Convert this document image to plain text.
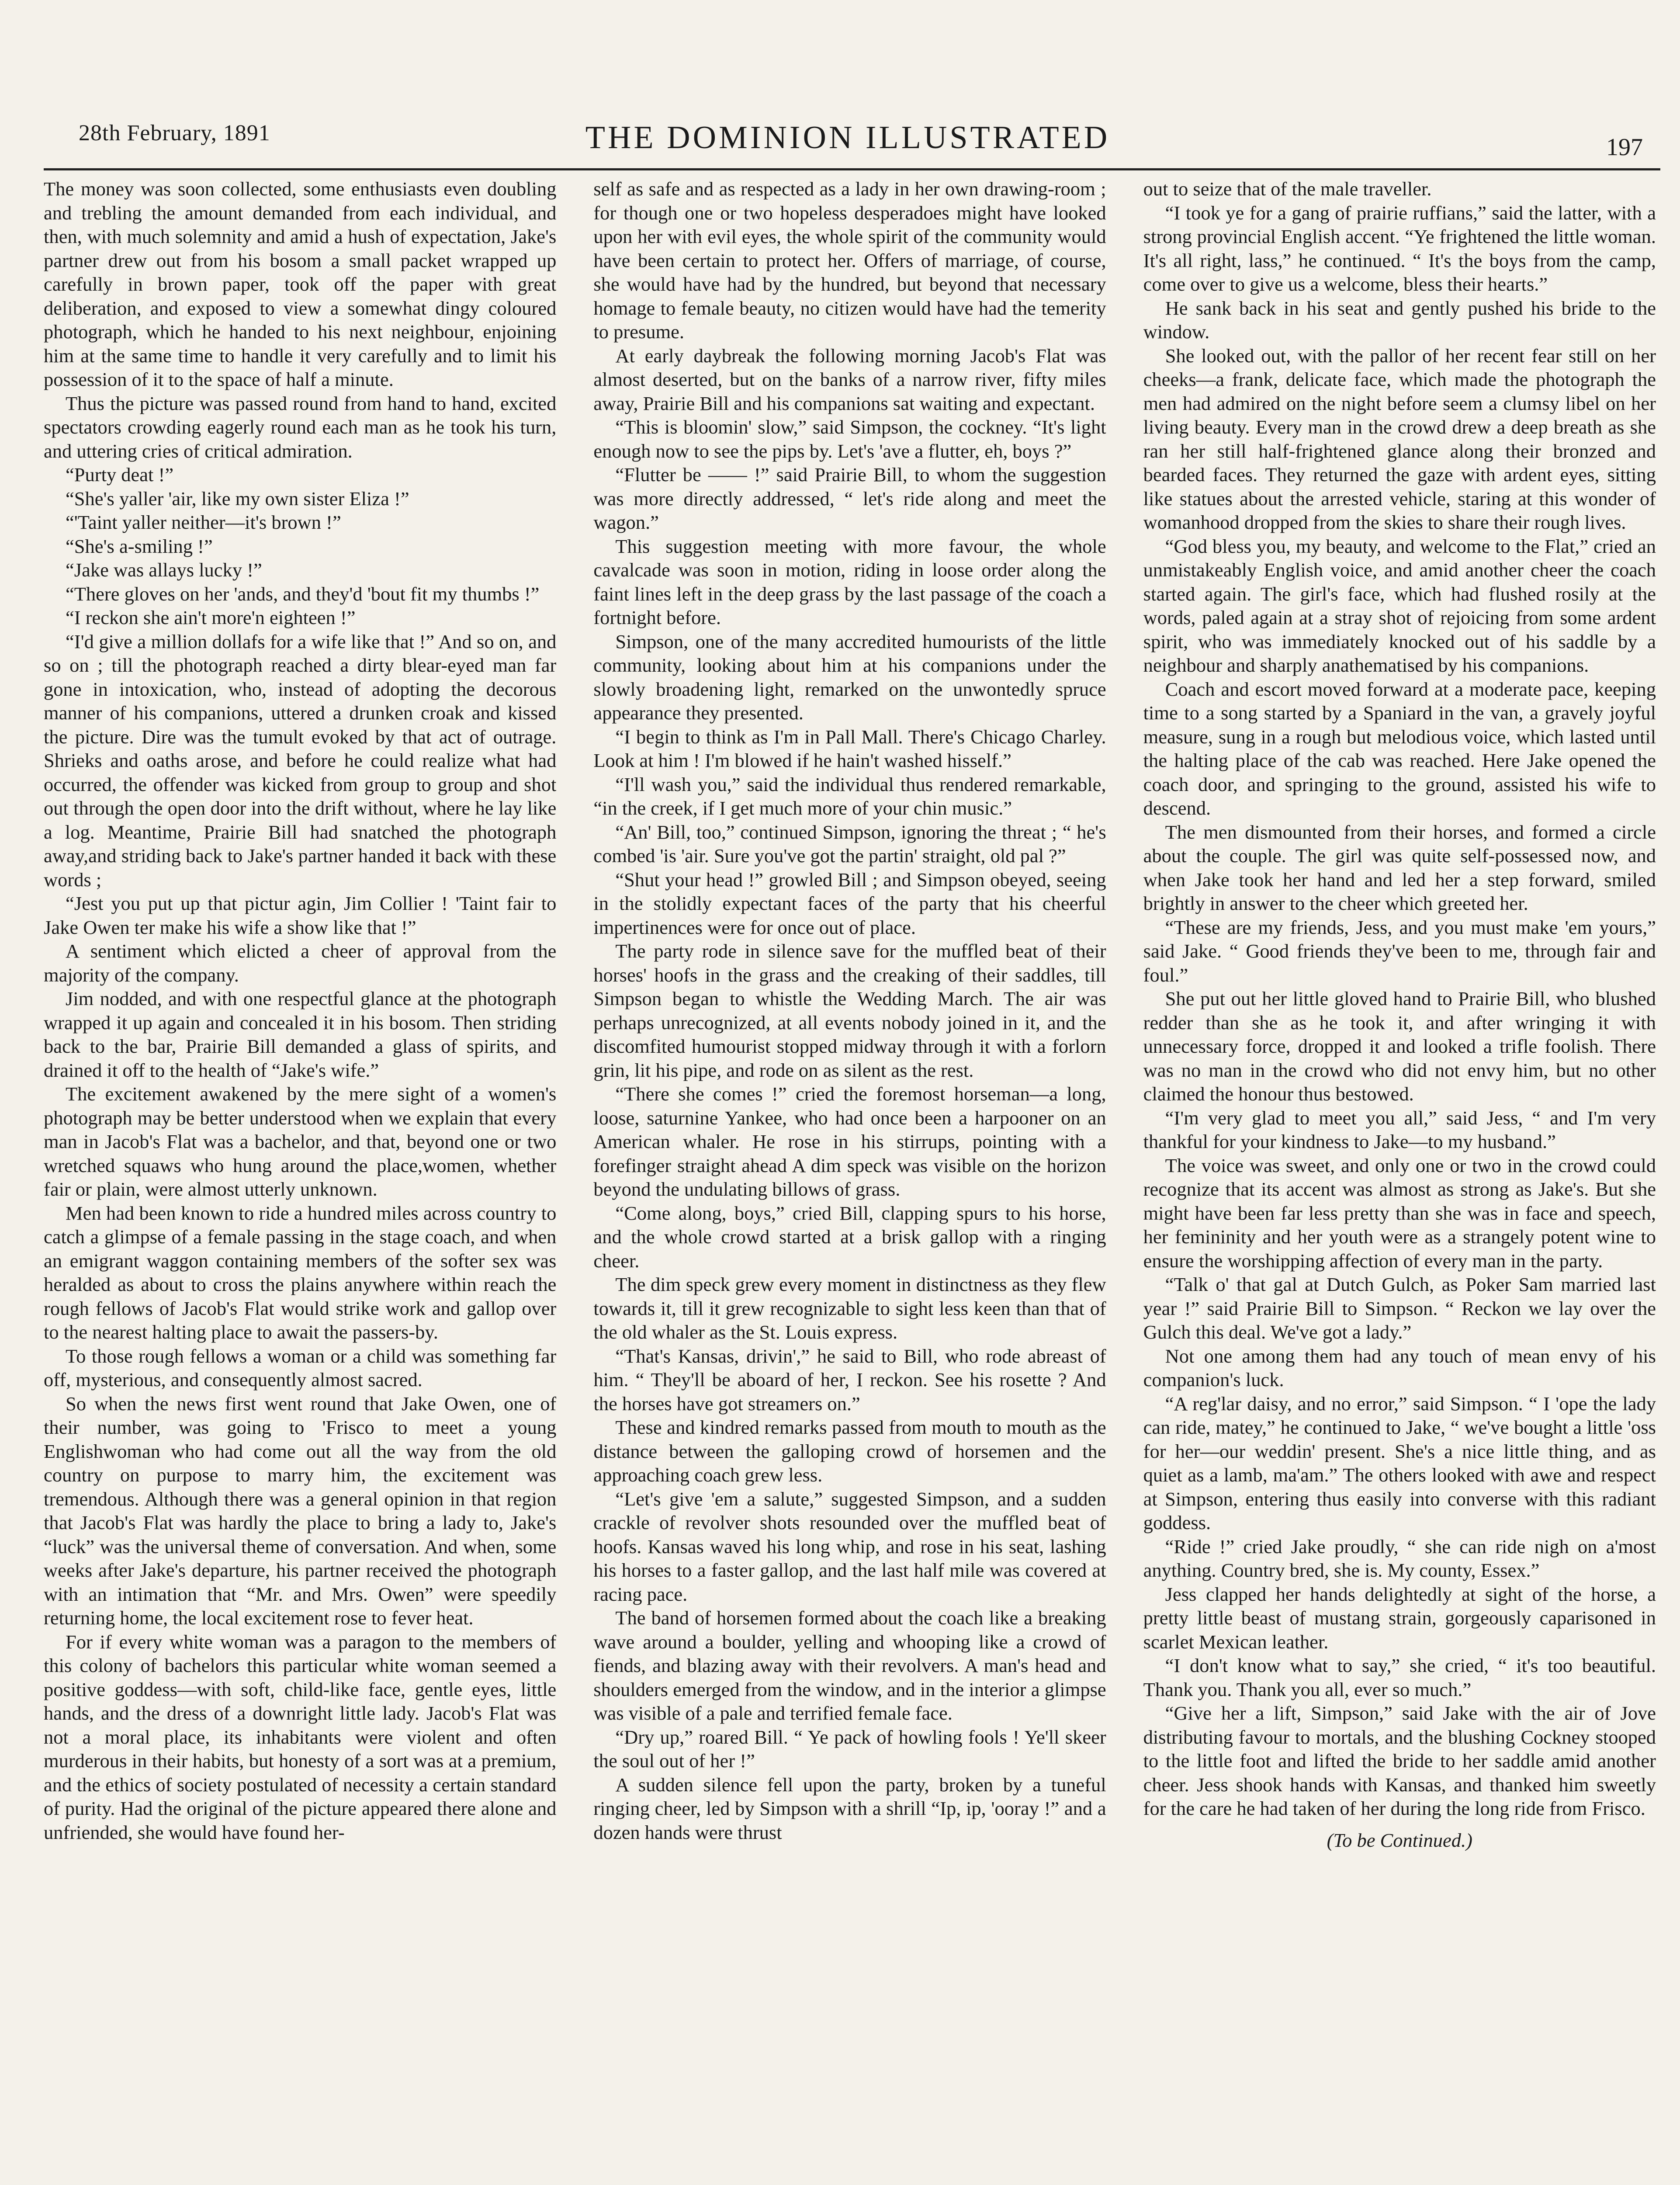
28th February, 1891	THE DOMINION ILLUSTRATED	197

The money was soon collected, some enthusiasts even doubling and trebling the amount demanded from each individual, and then, with much solemnity and amid a hush of expectation, Jake's partner drew out from his bosom a small packet wrapped up carefully in brown paper, took off the paper with great deliberation, and exposed to view a somewhat dingy coloured photograph, which he handed to his next neighbour, enjoining him at the same time to handle it very carefully and to limit his possession of it to the space of half a minute.

Thus the picture was passed round from hand to hand, excited spectators crowding eagerly round each man as he took his turn, and uttering cries of critical admiration.

“Purty deat !”

“She's yaller 'air, like my own sister Eliza !”

“'Taint yaller neither—it's brown !”

“She's a-smiling !”

“Jake was allays lucky !”

“There gloves on her 'ands, and they'd 'bout fit my thumbs !”

“I reckon she ain't more'n eighteen !”

“I'd give a million dollafs for a wife like that !” And so on, and so on ; till the photograph reached a dirty blear-eyed man far gone in intoxication, who, instead of adopting the decorous manner of his companions, uttered a drunken croak and kissed the picture. Dire was the tumult evoked by that act of outrage. Shrieks and oaths arose, and before he could realize what had occurred, the offender was kicked from group to group and shot out through the open door into the drift without, where he lay like a log. Meantime, Prairie Bill had snatched the photograph away,and striding back to Jake's partner handed it back with these words ;

“Jest you put up that pictur agin, Jim Collier ! 'Taint fair to Jake Owen ter make his wife a show like that !”

A sentiment which elicted a cheer of approval from the majority of the company.

Jim nodded, and with one respectful glance at the photograph wrapped it up again and concealed it in his bosom. Then striding back to the bar, Prairie Bill demanded a glass of spirits, and drained it off to the health of “Jake's wife.”

The excitement awakened by the mere sight of a women's photograph may be better understood when we explain that every man in Jacob's Flat was a bachelor, and that, beyond one or two wretched squaws who hung around the place,women, whether fair or plain, were almost utterly unknown.

Men had been known to ride a hundred miles across country to catch a glimpse of a female passing in the stage coach, and when an emigrant waggon containing members of the softer sex was heralded as about to cross the plains anywhere within reach the rough fellows of Jacob's Flat would strike work and gallop over to the nearest halting place to await the passers-by.

To those rough fellows a woman or a child was something far off, mysterious, and consequently almost sacred.

So when the news first went round that Jake Owen, one of their number, was going to 'Frisco to meet a young Englishwoman who had come out all the way from the old country on purpose to marry him, the excitement was tremendous. Although there was a general opinion in that region that Jacob's Flat was hardly the place to bring a lady to, Jake's “luck” was the universal theme of conversation. And when, some weeks after Jake's departure, his partner received the photograph with an intimation that “Mr. and Mrs. Owen” were speedily returning home, the local excitement rose to fever heat.

For if every white woman was a paragon to the members of this colony of bachelors this particular white woman seemed a positive goddess—with soft, child-like face, gentle eyes, little hands, and the dress of a downright little lady. Jacob's Flat was not a moral place, its inhabitants were violent and often murderous in their habits, but honesty of a sort was at a premium, and the ethics of society postulated of necessity a certain standard of purity. Had the original of the picture appeared there alone and unfriended, she would have found her-

self as safe and as respected as a lady in her own drawing-room ; for though one or two hopeless desperadoes might have looked upon her with evil eyes, the whole spirit of the community would have been certain to protect her. Offers of marriage, of course, she would have had by the hundred, but beyond that necessary homage to female beauty, no citizen would have had the temerity to presume.

At early daybreak the following morning Jacob's Flat was almost deserted, but on the banks of a narrow river, fifty miles away, Prairie Bill and his companions sat waiting and expectant.

“This is bloomin' slow,” said Simpson, the cockney. “It's light enough now to see the pips by. Let's 'ave a flutter, eh, boys ?”

“Flutter be —— !” said Prairie Bill, to whom the suggestion was more directly addressed, “ let's ride along and meet the wagon.”

This suggestion meeting with more favour, the whole cavalcade was soon in motion, riding in loose order along the faint lines left in the deep grass by the last passage of the coach a fortnight before.

Simpson, one of the many accredited humourists of the little community, looking about him at his companions under the slowly broadening light, remarked on the unwontedly spruce appearance they presented.

“I begin to think as I'm in Pall Mall. There's Chicago Charley. Look at him ! I'm blowed if he hain't washed hisself.”

“I'll wash you,” said the individual thus rendered remarkable, “in the creek, if I get much more of your chin music.”

“An' Bill, too,” continued Simpson, ignoring the threat ; “ he's combed 'is 'air. Sure you've got the partin' straight, old pal ?”

“Shut your head !” growled Bill ; and Simpson obeyed, seeing in the stolidly expectant faces of the party that his cheerful impertinences were for once out of place.

The party rode in silence save for the muffled beat of their horses' hoofs in the grass and the creaking of their saddles, till Simpson began to whistle the Wedding March. The air was perhaps unrecognized, at all events nobody joined in it, and the discomfited humourist stopped midway through it with a forlorn grin, lit his pipe, and rode on as silent as the rest.

“There she comes !” cried the foremost horseman—a long, loose, saturnine Yankee, who had once been a harpooner on an American whaler. He rose in his stirrups, pointing with a forefinger straight ahead A dim speck was visible on the horizon beyond the undulating billows of grass.

“Come along, boys,” cried Bill, clapping spurs to his horse, and the whole crowd started at a brisk gallop with a ringing cheer.

The dim speck grew every moment in distinctness as they flew towards it, till it grew recognizable to sight less keen than that of the old whaler as the St. Louis express.

“That's Kansas, drivin',” he said to Bill, who rode abreast of him. “ They'll be aboard of her, I reckon. See his rosette ? And the horses have got streamers on.”

These and kindred remarks passed from mouth to mouth as the distance between the galloping crowd of horsemen and the approaching coach grew less.

“Let's give 'em a salute,” suggested Simpson, and a sudden crackle of revolver shots resounded over the muffled beat of hoofs. Kansas waved his long whip, and rose in his seat, lashing his horses to a faster gallop, and the last half mile was covered at racing pace.

The band of horsemen formed about the coach like a breaking wave around a boulder, yelling and whooping like a crowd of fiends, and blazing away with their revolvers. A man's head and shoulders emerged from the window, and in the interior a glimpse was visible of a pale and terrified female face.

“Dry up,” roared Bill. “ Ye pack of howling fools ! Ye'll skeer the soul out of her !”

A sudden silence fell upon the party, broken by a tuneful ringing cheer, led by Simpson with a shrill “Ip, ip, 'ooray !” and a dozen hands were thrust

out to seize that of the male traveller.

“I took ye for a gang of prairie ruffians,” said the latter, with a strong provincial English accent. “Ye frightened the little woman. It's all right, lass,” he continued. “ It's the boys from the camp, come over to give us a welcome, bless their hearts.”

He sank back in his seat and gently pushed his bride to the window.

She looked out, with the pallor of her recent fear still on her cheeks—a frank, delicate face, which made the photograph the men had admired on the night before seem a clumsy libel on her living beauty. Every man in the crowd drew a deep breath as she ran her still half-frightened glance along their bronzed and bearded faces. They returned the gaze with ardent eyes, sitting like statues about the arrested vehicle, staring at this wonder of womanhood dropped from the skies to share their rough lives.

“God bless you, my beauty, and welcome to the Flat,” cried an unmistakeably English voice, and amid another cheer the coach started again. The girl's face, which had flushed rosily at the words, paled again at a stray shot of rejoicing from some ardent spirit, who was immediately knocked out of his saddle by a neighbour and sharply anathematised by his companions.

Coach and escort moved forward at a moderate pace, keeping time to a song started by a Spaniard in the van, a gravely joyful measure, sung in a rough but melodious voice, which lasted until the halting place of the cab was reached. Here Jake opened the coach door, and springing to the ground, assisted his wife to descend.

The men dismounted from their horses, and formed a circle about the couple. The girl was quite self-possessed now, and when Jake took her hand and led her a step forward, smiled brightly in answer to the cheer which greeted her.

“These are my friends, Jess, and you must make 'em yours,” said Jake. “ Good friends they've been to me, through fair and foul.”

She put out her little gloved hand to Prairie Bill, who blushed redder than she as he took it, and after wringing it with unnecessary force, dropped it and looked a trifle foolish. There was no man in the crowd who did not envy him, but no other claimed the honour thus bestowed.

“I'm very glad to meet you all,” said Jess, “ and I'm very thankful for your kindness to Jake—to my husband.”

The voice was sweet, and only one or two in the crowd could recognize that its accent was almost as strong as Jake's. But she might have been far less pretty than she was in face and speech, her femininity and her youth were as a strangely potent wine to ensure the worshipping affection of every man in the party.

“Talk o' that gal at Dutch Gulch, as Poker Sam married last year !” said Prairie Bill to Simpson. “ Reckon we lay over the Gulch this deal. We've got a lady.”

Not one among them had any touch of mean envy of his companion's luck.

“A reg'lar daisy, and no error,” said Simpson. “ I 'ope the lady can ride, matey,” he continued to Jake, “ we've bought a little 'oss for her—our weddin' present. She's a nice little thing, and as quiet as a lamb, ma'am.” The others looked with awe and respect at Simpson, entering thus easily into converse with this radiant goddess.

“Ride !” cried Jake proudly, “ she can ride nigh on a'most anything. Country bred, she is. My county, Essex.”

Jess clapped her hands delightedly at sight of the horse, a pretty little beast of mustang strain, gorgeously caparisoned in scarlet Mexican leather.

“I don't know what to say,” she cried, “ it's too beautiful. Thank you. Thank you all, ever so much.”

“Give her a lift, Simpson,” said Jake with the air of Jove distributing favour to mortals, and the blushing Cockney stooped to the little foot and lifted the bride to her saddle amid another cheer. Jess shook hands with Kansas, and thanked him sweetly for the care he had taken of her during the long ride from Frisco.

(To be Continued.)
